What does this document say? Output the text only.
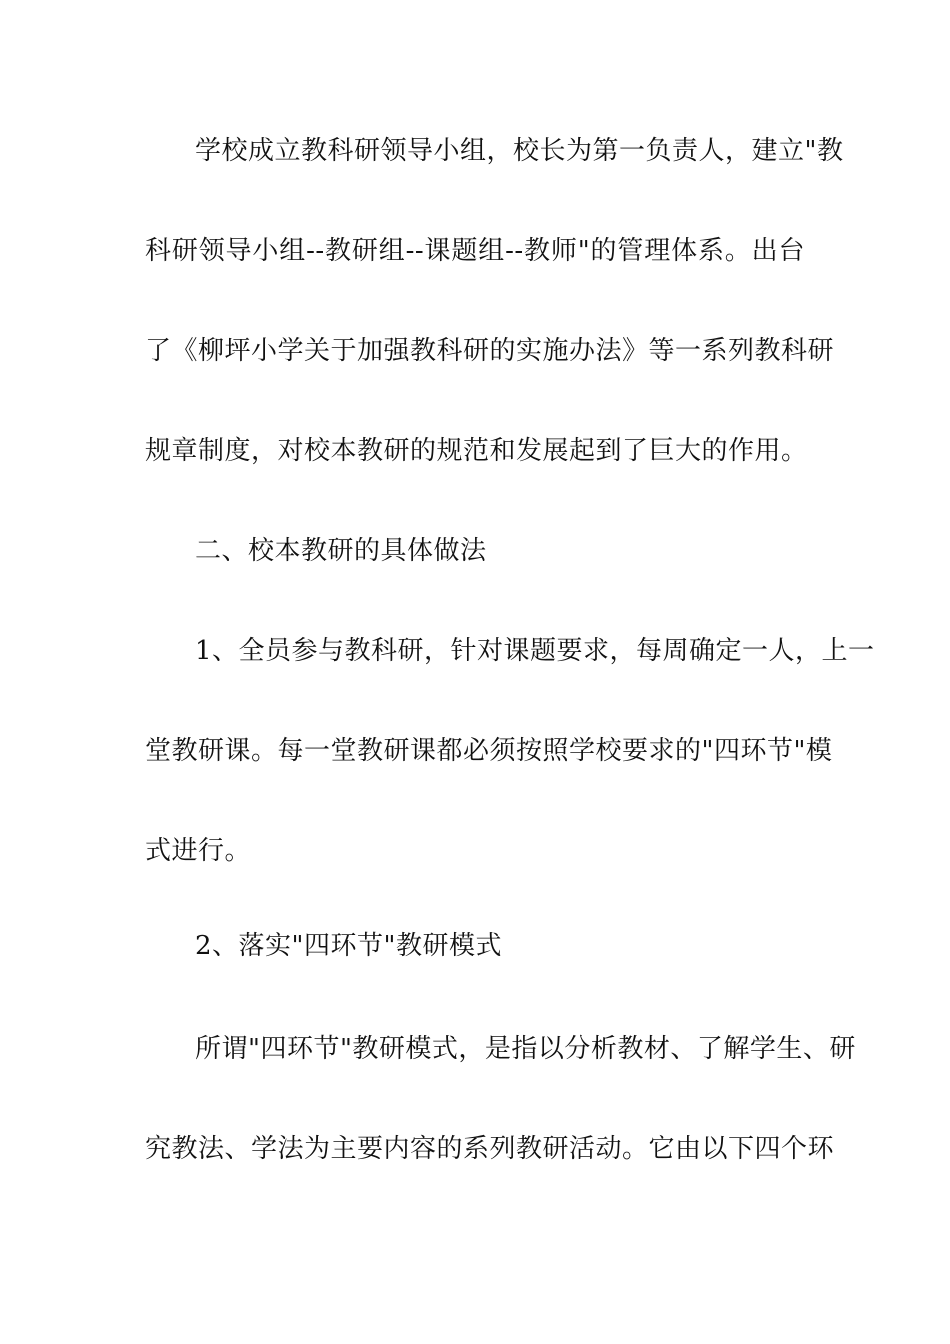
学校成立教科研领导小组，校长为第一负责人，建立"教
科研领导小组--教研组--课题组--教师"的管理体系。出台
了《柳坪小学关于加强教科研的实施办法》等一系列教科研
规章制度，对校本教研的规范和发展起到了巨大的作用。
二、校本教研的具体做法
1、全员参与教科研，针对课题要求，每周确定一人，上一
堂教研课。每一堂教研课都必须按照学校要求的"四环节"模
式进行。
2、落实"四环节"教研模式
所谓"四环节"教研模式，是指以分析教材、了解学生、研
究教法、学法为主要内容的系列教研活动。它由以下四个环
